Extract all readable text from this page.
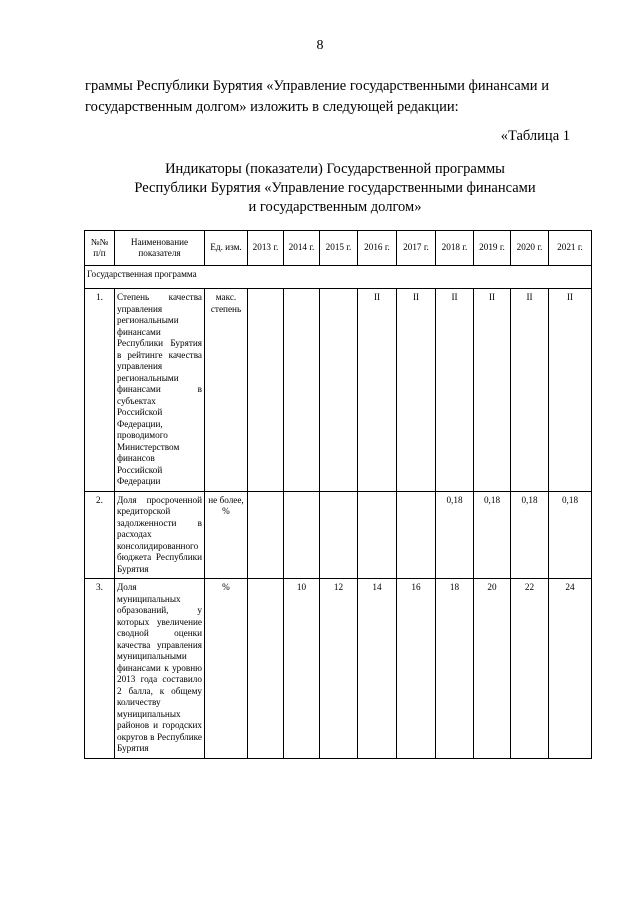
8
граммы Республики Бурятия «Управление государственными финансами и государственным долгом» изложить в следующей редакции:
«Таблица 1
Индикаторы (показатели) Государственной программы
Республики Бурятия «Управление государственными финансами
и государственным долгом»
№№ п/п	Наименование показателя	Ед. изм.	2013 г.	2014 г.	2015 г.	2016 г.	2017 г.	2018 г.	2019 г.	2020 г.	2021 г.
Государственная программа											
1.	Степень качества управления региональными финансами Республики Бурятия в рейтинге качества управления региональными финансами в субъектах Российской Федерации, проводимого Министерством финансов Российской Федерации	макс. степень				II	II	II	II	II	II
2.	Доля просроченной кредиторской задолженности в расходах консолидированного бюджета Республики Бурятия	не более, %						0,18	0,18	0,18	0,18
3.	Доля муниципальных образований, у которых увеличение сводной оценки качества управления муниципальными финансами к уровню 2013 года составило 2 балла, к общему количеству муниципальных районов и городских округов в Республике Бурятия	%		10	12	14	16	18	20	22	24
